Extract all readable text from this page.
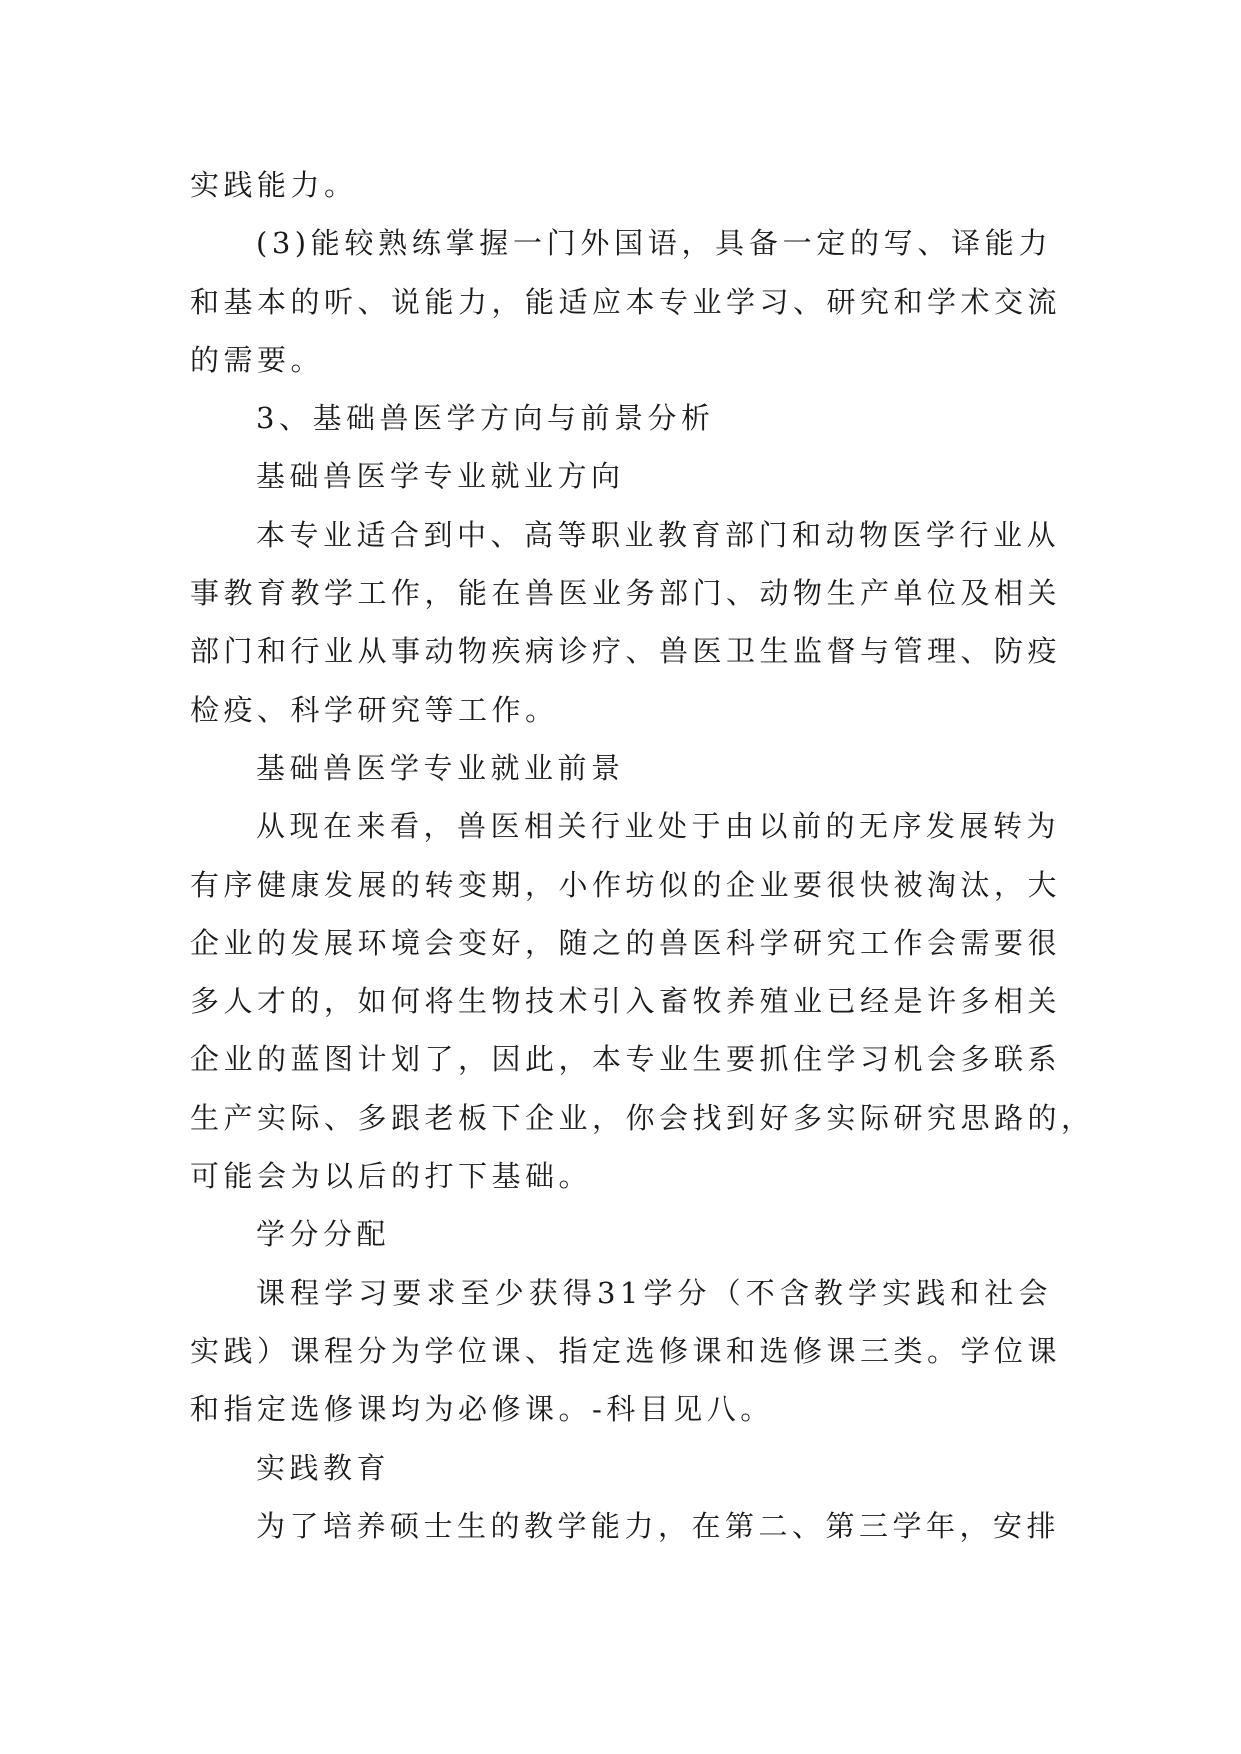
实践能力。
(3)能较熟练掌握一门外国语，具备一定的写、译能力
和基本的听、说能力，能适应本专业学习、研究和学术交流
的需要。
3、基础兽医学方向与前景分析
基础兽医学专业就业方向
本专业适合到中、高等职业教育部门和动物医学行业从
事教育教学工作，能在兽医业务部门、动物生产单位及相关
部门和行业从事动物疾病诊疗、兽医卫生监督与管理、防疫
检疫、科学研究等工作。
基础兽医学专业就业前景
从现在来看，兽医相关行业处于由以前的无序发展转为
有序健康发展的转变期，小作坊似的企业要很快被淘汰，大
企业的发展环境会变好，随之的兽医科学研究工作会需要很
多人才的，如何将生物技术引入畜牧养殖业已经是许多相关
企业的蓝图计划了，因此，本专业生要抓住学习机会多联系
生产实际、多跟老板下企业，你会找到好多实际研究思路的，
可能会为以后的打下基础。
学分分配
课程学习要求至少获得31学分（不含教学实践和社会
实践）课程分为学位课、指定选修课和选修课三类。学位课
和指定选修课均为必修课。-科目见八。
实践教育
为了培养硕士生的教学能力，在第二、第三学年，安排
